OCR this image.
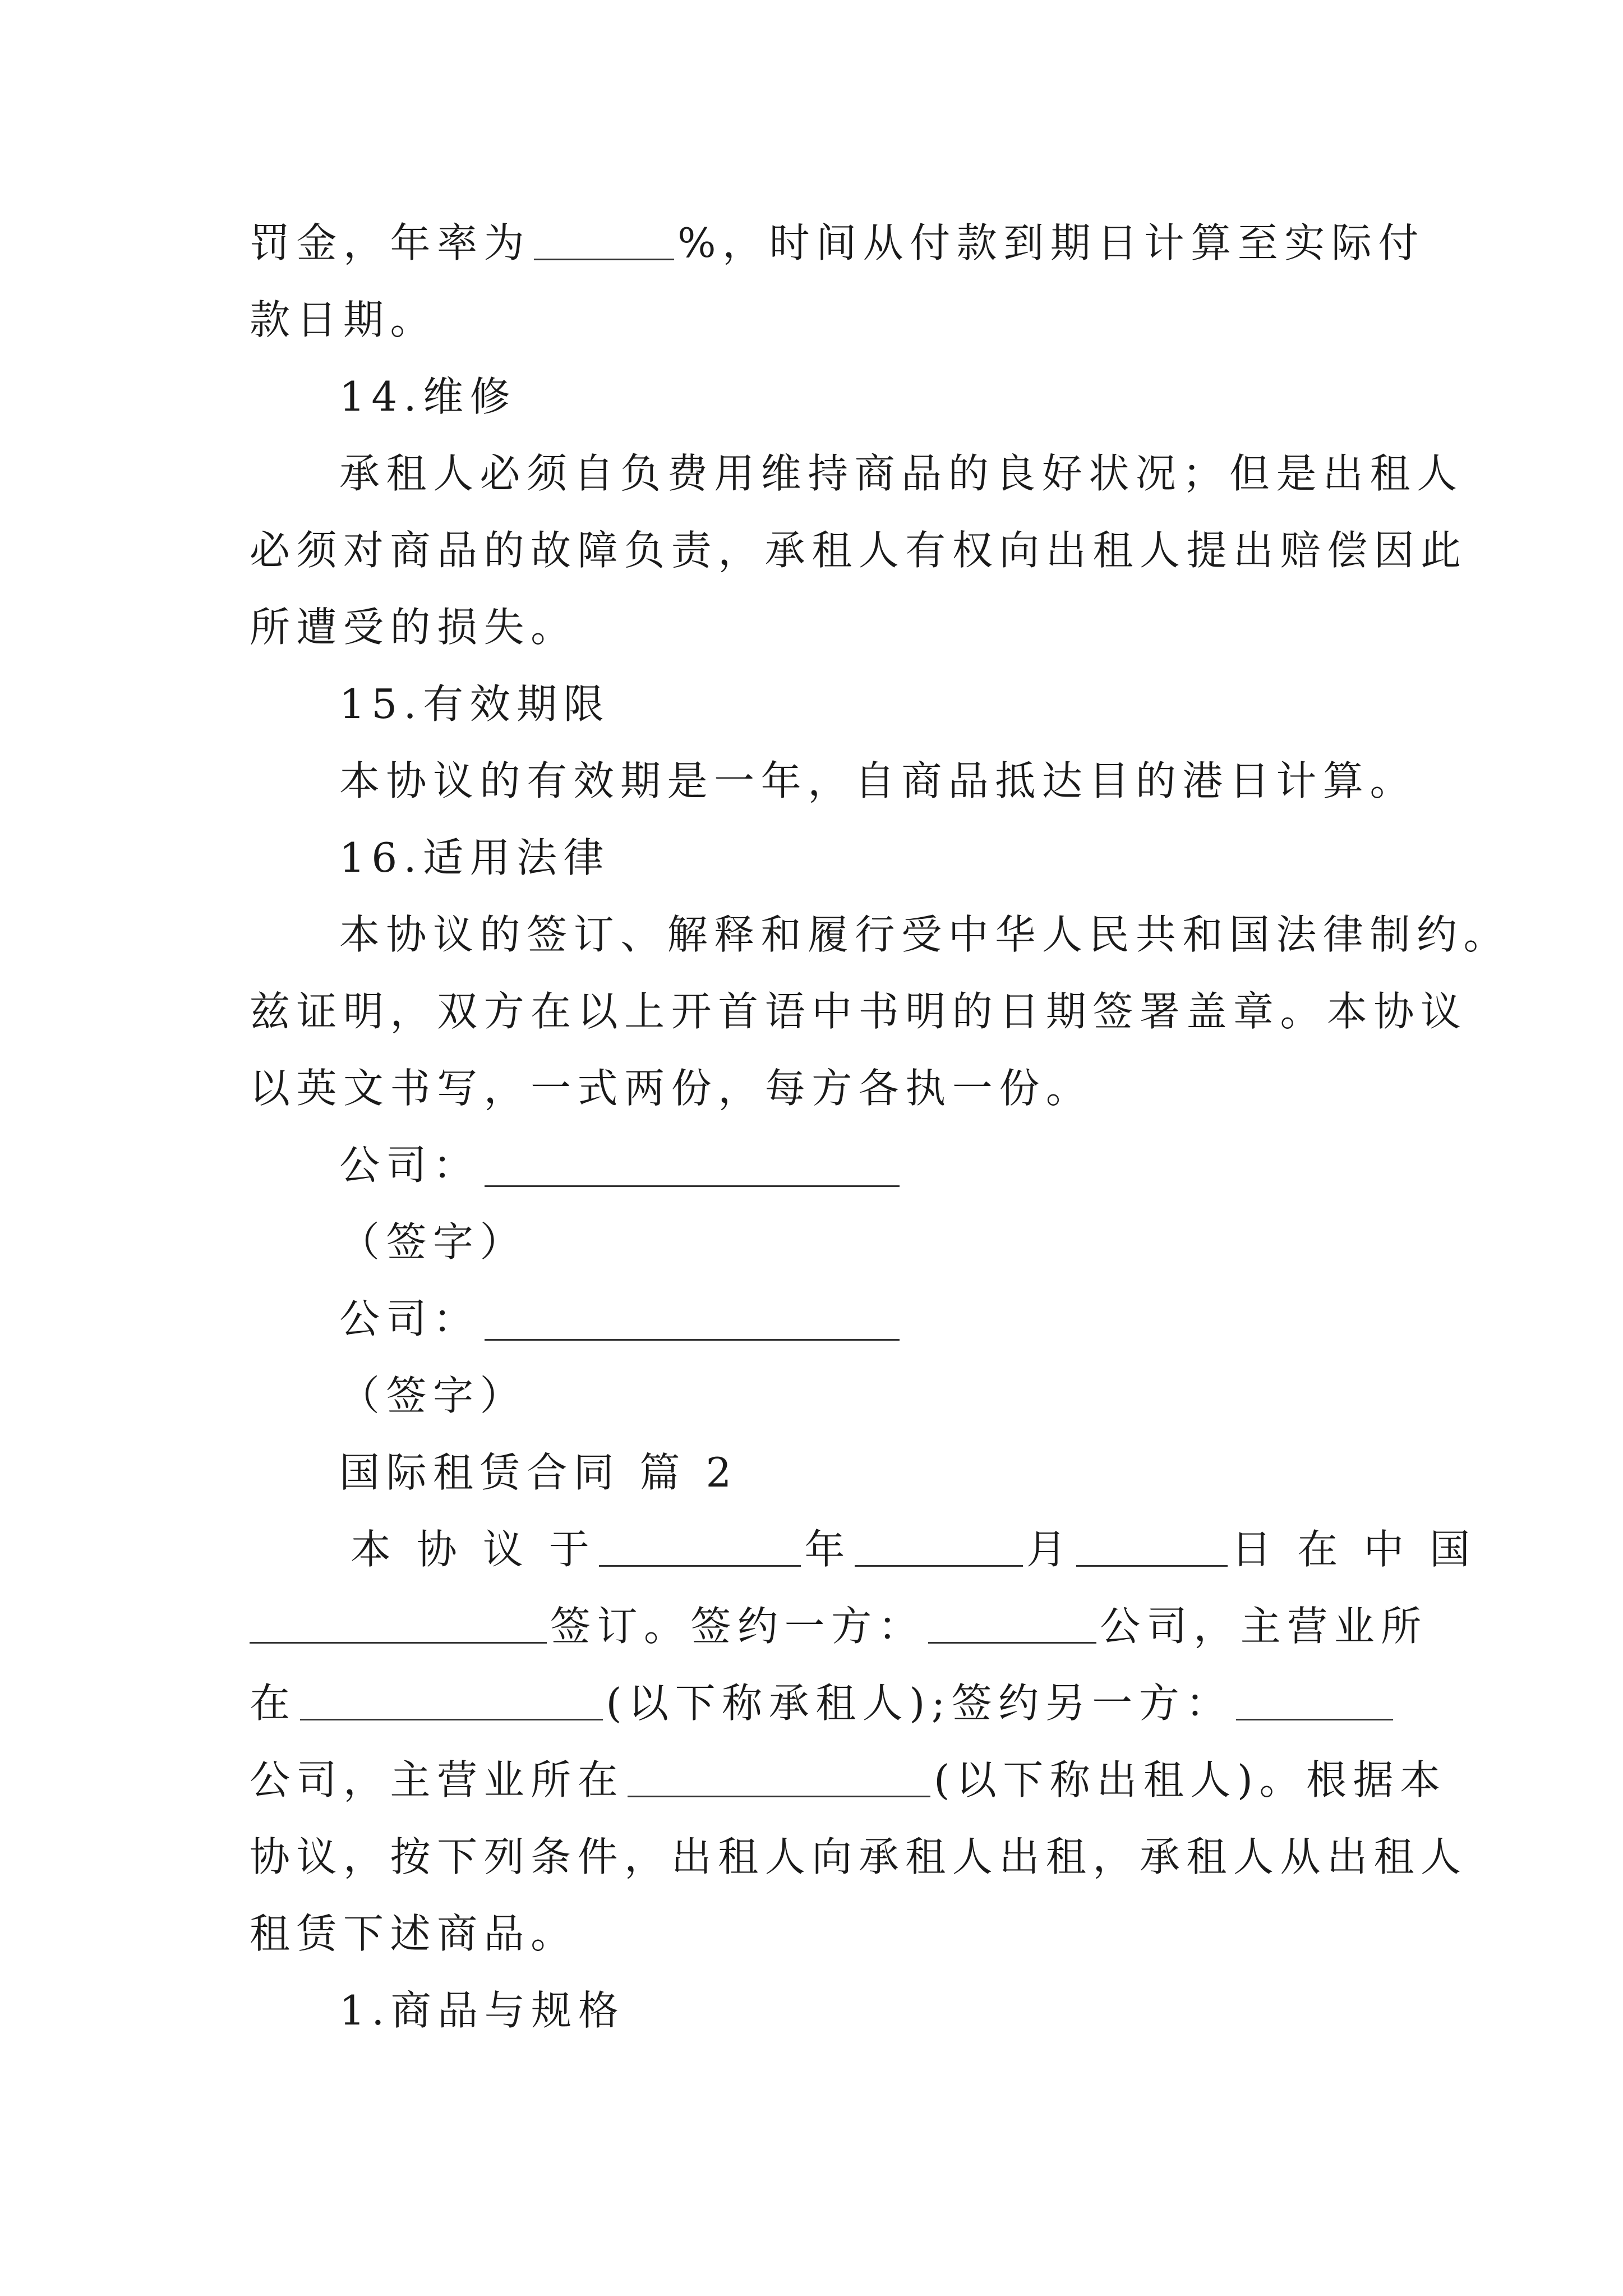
罚金，年率为	%，时间从付款到期日计算至实际付

款日期。

14.维修

承租人必须自负费用维持商品的良好状况；但是出租人

必须对商品的故障负责，承租人有权向出租人提出赔偿因此

所遭受的损失。

15.有效期限

本协议的有效期是一年，自商品抵达目的港日计算。

16.适用法律

本协议的签订、解释和履行受中华人民共和国法律制约。

兹证明，双方在以上开首语中书明的日期签署盖章。本协议

以英文书写，一式两份，每方各执一份。

公司：

（签字）

公司：

（签字）

国际租赁合同 篇 2

本 协 议 于	年	月	日 在 中 国

签订。签约一方：	公司，主营业所

在	(以下称承租人);签约另一方：

公司，主营业所在	(以下称出租人)。根据本

协议，按下列条件，出租人向承租人出租，承租人从出租人

租赁下述商品。

1.商品与规格
